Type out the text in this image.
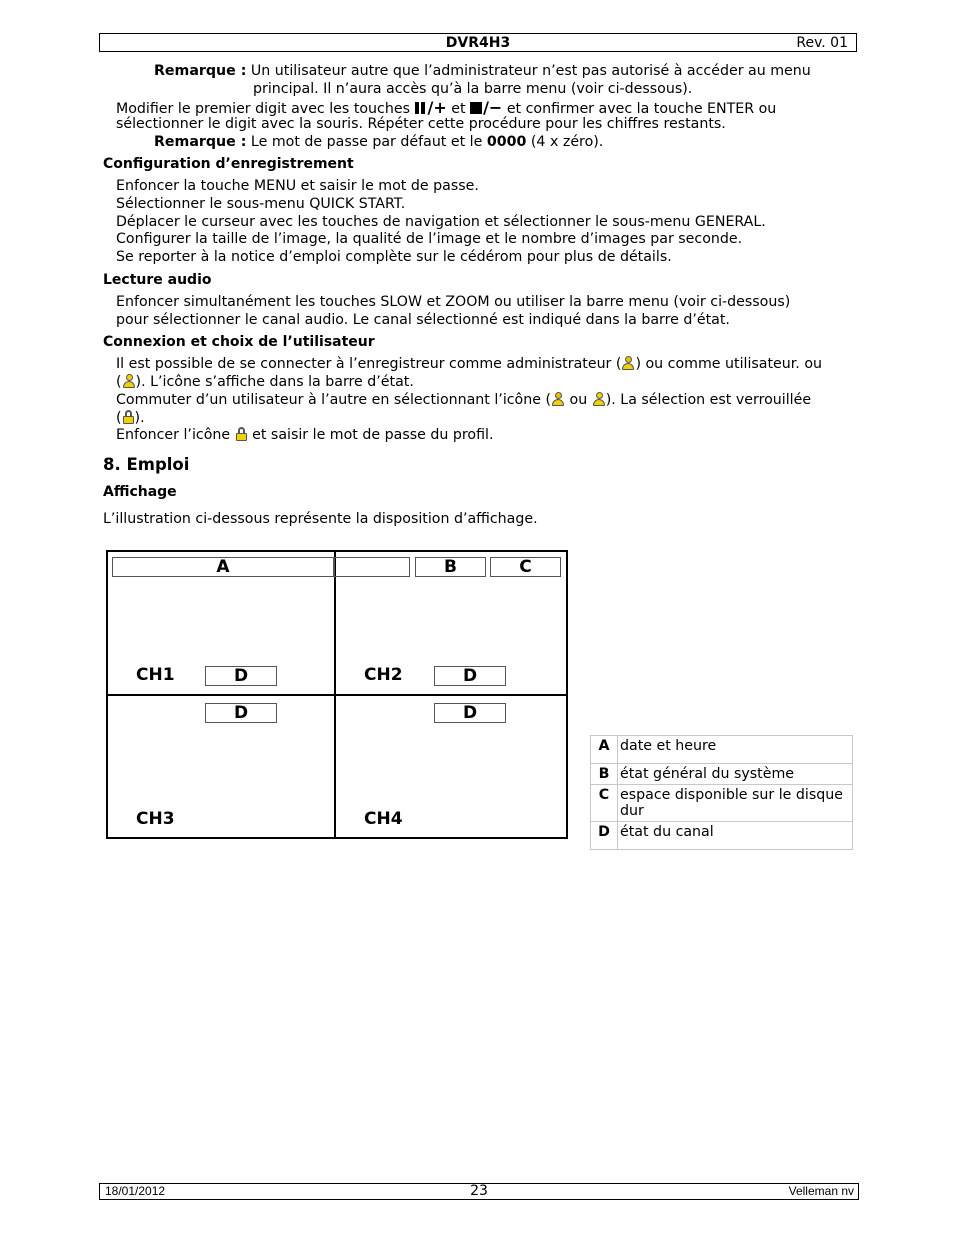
DVR4H3	Rev. 01
Remarque : Un utilisateur autre que l’administrateur n’est pas autorisé à accéder au menu
principal. Il n’aura accès qu’à la barre menu (voir ci-dessous).
Modifier le premier digit avec les touches /+ et /− et confirmer avec la touche ENTER ou
sélectionner le digit avec la souris. Répéter cette procédure pour les chiffres restants.
Remarque : Le mot de passe par défaut et le 0000 (4 x zéro).
Configuration d’enregistrement
Enfoncer la touche MENU et saisir le mot de passe.
Sélectionner le sous-menu QUICK START.
Déplacer le curseur avec les touches de navigation et sélectionner le sous-menu GENERAL.
Configurer la taille de l’image, la qualité de l’image et le nombre d’images par seconde.
Se reporter à la notice d’emploi complète sur le cédérom pour plus de détails.
Lecture audio
Enfoncer simultanément les touches SLOW et ZOOM ou utiliser la barre menu (voir ci-dessous)
pour sélectionner le canal audio. Le canal sélectionné est indiqué dans la barre d’état.
Connexion et choix de l’utilisateur
Il est possible de se connecter à l’enregistreur comme administrateur ( ) ou comme utilisateur. ou
( ). L’icône s’affiche dans la barre d’état.
Commuter d’un utilisateur à l’autre en sélectionnant l’icône ( ou ). La sélection est verrouillée
( ).
Enfoncer l’icône et saisir le mot de passe du profil.
8. Emploi
Affichage
L’illustration ci-dessous représente la disposition d’affichage.
A	B	C
CH1	D	CH2	D
D	D
CH3	CH4
A	date et heure
B	état général du système
C	espace disponible sur le disque dur
D	état du canal
18/01/2012	23	Velleman nv
